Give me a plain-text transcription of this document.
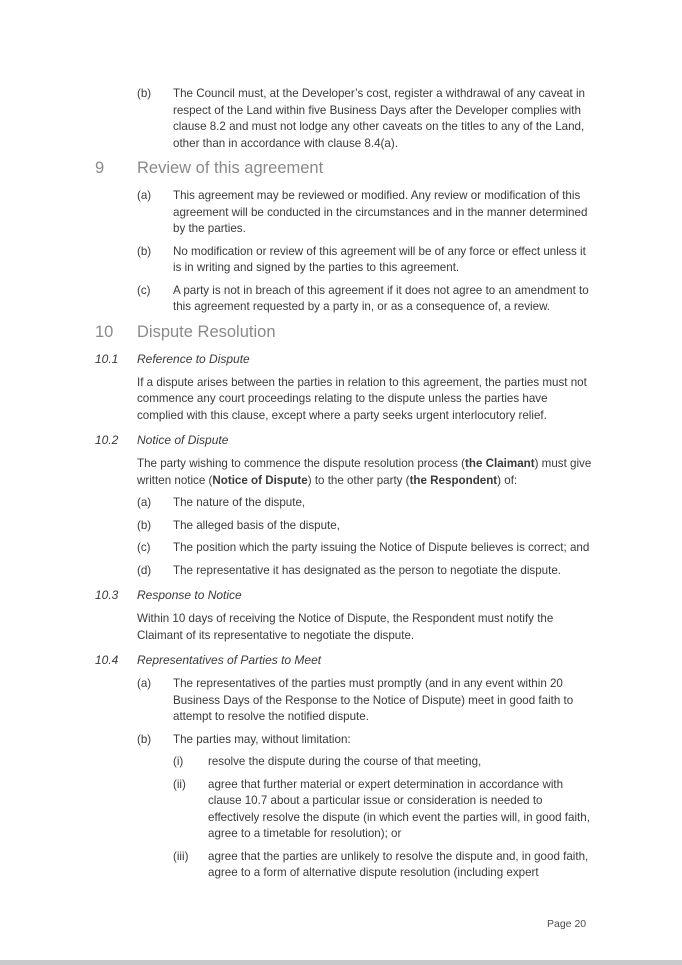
(b)	The Council must, at the Developer’s cost, register a withdrawal of any caveat in respect of the Land within five Business Days after the Developer complies with clause 8.2 and must not lodge any other caveats on the titles to any of the Land, other than in accordance with clause 8.4(a).
9	Review of this agreement
(a)	This agreement may be reviewed or modified. Any review or modification of this agreement will be conducted in the circumstances and in the manner determined by the parties.
(b)	No modification or review of this agreement will be of any force or effect unless it is in writing and signed by the parties to this agreement.
(c)	A party is not in breach of this agreement if it does not agree to an amendment to this agreement requested by a party in, or as a consequence of, a review.
10	Dispute Resolution
10.1	Reference to Dispute
If a dispute arises between the parties in relation to this agreement, the parties must not commence any court proceedings relating to the dispute unless the parties have complied with this clause, except where a party seeks urgent interlocutory relief.
10.2	Notice of Dispute
The party wishing to commence the dispute resolution process (the Claimant) must give written notice (Notice of Dispute) to the other party (the Respondent) of:
(a)	The nature of the dispute,
(b)	The alleged basis of the dispute,
(c)	The position which the party issuing the Notice of Dispute believes is correct; and
(d)	The representative it has designated as the person to negotiate the dispute.
10.3	Response to Notice
Within 10 days of receiving the Notice of Dispute, the Respondent must notify the Claimant of its representative to negotiate the dispute.
10.4	Representatives of Parties to Meet
(a)	The representatives of the parties must promptly (and in any event within 20 Business Days of the Response to the Notice of Dispute) meet in good faith to attempt to resolve the notified dispute.
(b)	The parties may, without limitation:
(i)	resolve the dispute during the course of that meeting,
(ii)	agree that further material or expert determination in accordance with clause 10.7 about a particular issue or consideration is needed to effectively resolve the dispute (in which event the parties will, in good faith, agree to a timetable for resolution); or
(iii)	agree that the parties are unlikely to resolve the dispute and, in good faith, agree to a form of alternative dispute resolution (including expert
Page 20
